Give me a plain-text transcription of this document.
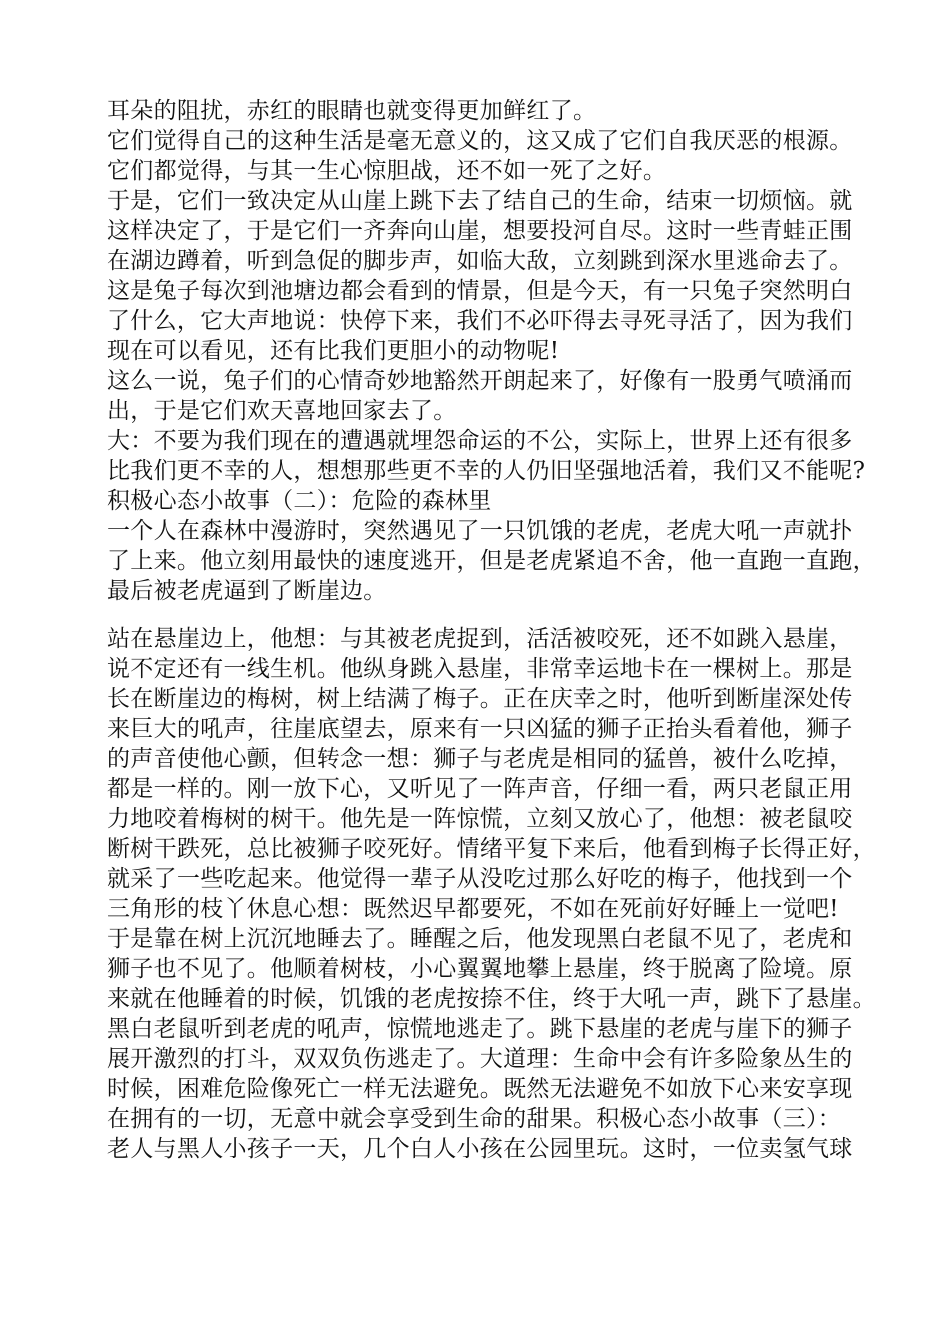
耳朵的阻扰，赤红的眼睛也就变得更加鲜红了。
它们觉得自己的这种生活是毫无意义的，这又成了它们自我厌恶的根源。
它们都觉得，与其一生心惊胆战，还不如一死了之好。
于是，它们一致决定从山崖上跳下去了结自己的生命，结束一切烦恼。就
这样决定了，于是它们一齐奔向山崖，想要投河自尽。这时一些青蛙正围
在湖边蹲着，听到急促的脚步声，如临大敌，立刻跳到深水里逃命去了。
这是兔子每次到池塘边都会看到的情景，但是今天，有一只兔子突然明白
了什么，它大声地说：快停下来，我们不必吓得去寻死寻活了，因为我们
现在可以看见，还有比我们更胆小的动物呢!
这么一说，兔子们的心情奇妙地豁然开朗起来了，好像有一股勇气喷涌而
出，于是它们欢天喜地回家去了。
大：不要为我们现在的遭遇就埋怨命运的不公，实际上，世界上还有很多
比我们更不幸的人，想想那些更不幸的人仍旧坚强地活着，我们又不能呢?
积极心态小故事（二）：危险的森林里
一个人在森林中漫游时，突然遇见了一只饥饿的老虎，老虎大吼一声就扑
了上来。他立刻用最快的速度逃开，但是老虎紧追不舍，他一直跑一直跑，
最后被老虎逼到了断崖边。
站在悬崖边上，他想：与其被老虎捉到，活活被咬死，还不如跳入悬崖，
说不定还有一线生机。他纵身跳入悬崖，非常幸运地卡在一棵树上。那是
长在断崖边的梅树，树上结满了梅子。正在庆幸之时，他听到断崖深处传
来巨大的吼声，往崖底望去，原来有一只凶猛的狮子正抬头看着他，狮子
的声音使他心颤，但转念一想：狮子与老虎是相同的猛兽，被什么吃掉，
都是一样的。刚一放下心，又听见了一阵声音，仔细一看，两只老鼠正用
力地咬着梅树的树干。他先是一阵惊慌，立刻又放心了，他想：被老鼠咬
断树干跌死，总比被狮子咬死好。情绪平复下来后，他看到梅子长得正好，
就采了一些吃起来。他觉得一辈子从没吃过那么好吃的梅子，他找到一个
三角形的枝丫休息心想：既然迟早都要死，不如在死前好好睡上一觉吧!
于是靠在树上沉沉地睡去了。睡醒之后，他发现黑白老鼠不见了，老虎和
狮子也不见了。他顺着树枝，小心翼翼地攀上悬崖，终于脱离了险境。原
来就在他睡着的时候，饥饿的老虎按捺不住，终于大吼一声，跳下了悬崖。
黑白老鼠听到老虎的吼声，惊慌地逃走了。跳下悬崖的老虎与崖下的狮子
展开激烈的打斗，双双负伤逃走了。大道理：生命中会有许多险象丛生的
时候，困难危险像死亡一样无法避免。既然无法避免不如放下心来安享现
在拥有的一切，无意中就会享受到生命的甜果。积极心态小故事（三）：
老人与黑人小孩子一天，几个白人小孩在公园里玩。这时，一位卖氢气球
